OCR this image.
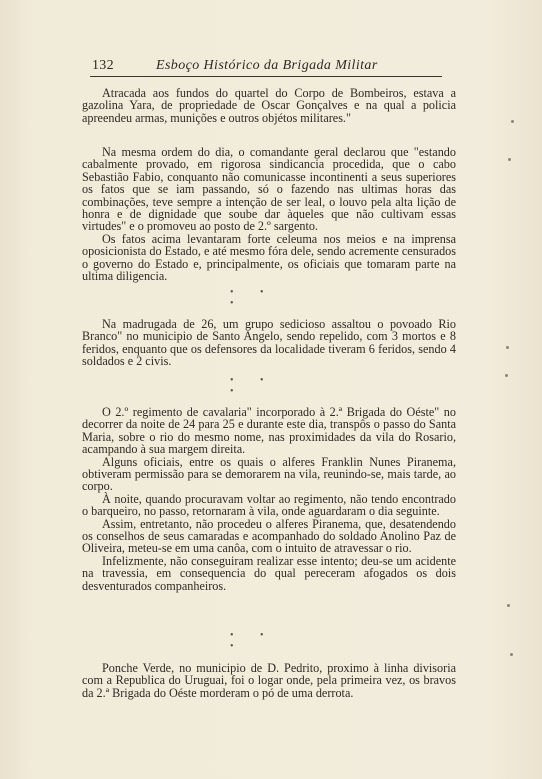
132	Esboço Histórico da Brigada Militar

Atracada aos fundos do quartel do Corpo de Bombeiros, estava a gazolina Yara, de propriedade de Oscar Gonçalves e na qual a policia apreendeu armas, munições e outros objétos militares."

Na mesma ordem do dia, o comandante geral declarou que "estando cabalmente provado, em rigorosa sindicancia procedida, que o cabo Sebastião Fabio, conquanto não comunicasse incontinenti a seus superiores os fatos que se iam passando, só o fazendo nas ultimas horas das combinações, teve sempre a intenção de ser leal, o louvo pela alta lição de honra e de dignidade que soube dar àqueles que não cultivam essas virtudes" e o promoveu ao posto de 2.º sargento.

Os fatos acima levantaram forte celeuma nos meios e na imprensa oposicionista do Estado, e até mesmo fóra dele, sendo acremente censurados o governo do Estado e, principalmente, os oficiais que tomaram parte na ultima diligencia.

• • •

Na madrugada de 26, um grupo sedicioso assaltou o povoado Rio Branco" no municipio de Santo Angelo, sendo repelido, com 3 mortos e 8 feridos, enquanto que os defensores da localidade tiveram 6 feridos, sendo 4 soldados e 2 civis.

• • •

O 2.º regimento de cavalaria" incorporado à 2.ª Brigada do Oéste" no decorrer da noite de 24 para 25 e durante este dia, transpôs o passo do Santa Maria, sobre o rio do mesmo nome, nas proximidades da vila do Rosario, acampando à sua margem direita.

Alguns oficiais, entre os quais o alferes Franklin Nunes Piranema, obtiveram permissão para se demorarem na vila, reunindo-se, mais tarde, ao corpo.

À noite, quando procuravam voltar ao regimento, não tendo encontrado o barqueiro, no passo, retornaram à vila, onde aguardaram o dia seguinte.

Assim, entretanto, não procedeu o alferes Piranema, que, desatendendo os conselhos de seus camaradas e acompanhado do soldado Anolino Paz de Oliveira, meteu-se em uma canôa, com o intuito de atravessar o rio.

Infelizmente, não conseguiram realizar esse intento; deu-se um acidente na travessia, em consequencia do qual pereceram afogados os dois desventurados companheiros.

• • •

Ponche Verde, no municipio de D. Pedrito, proximo à linha divisoria com a Republica do Uruguai, foi o logar onde, pela primeira vez, os bravos da 2.ª Brigada do Oéste morderam o pó de uma derrota.
